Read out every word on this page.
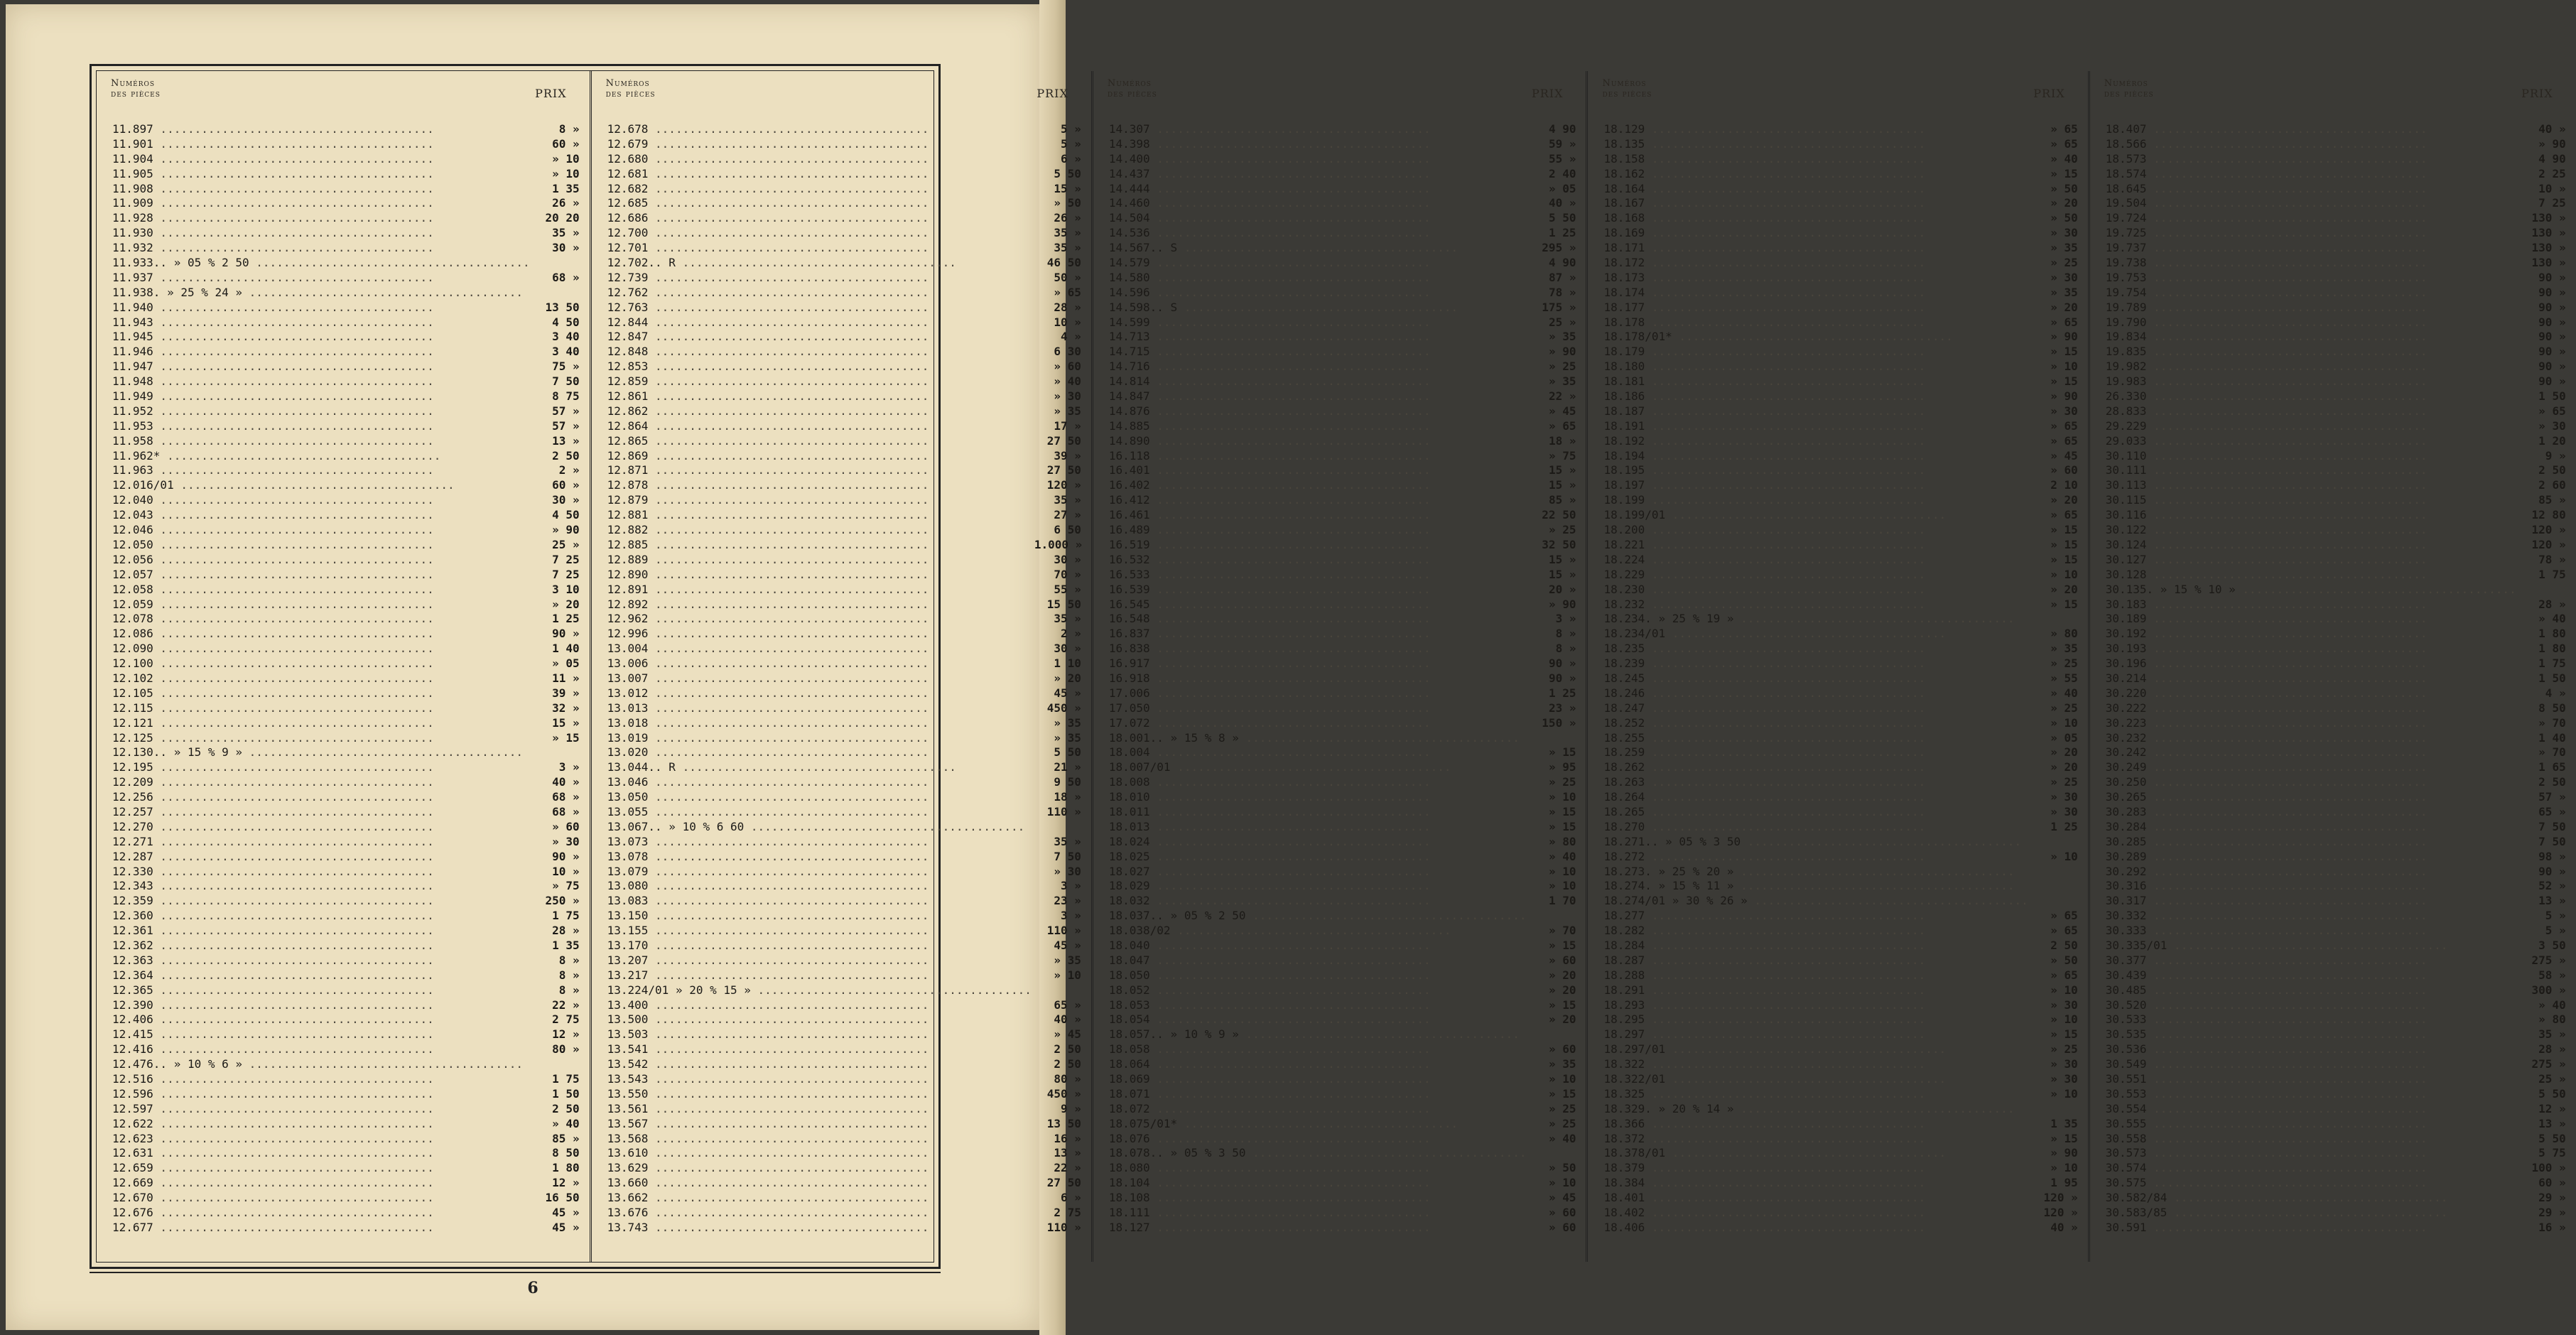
Numéros
des pièces	PRIX
11.897 .....	8 »
11.901 .....	60 »
11.904 .....	» 10
11.905 .....	» 10
11.908 .....	1 35
11.909 .....	26 »
11.928 .....	20 20
11.930 .....	35 »
11.932 .....	30 »
11.933.. » 05 % 2 50 .....
11.937 .....	68 »
11.938. » 25 % 24 » .....
11.940 .....	13 50
11.943 .....	4 50
11.945 .....	3 40
11.946 .....	3 40
11.947 .....	75 »
11.948 .....	7 50
11.949 .....	8 75
11.952 .....	57 »
11.953 .....	57 »
11.958 .....	13 »
11.962* .....	2 50
11.963 .....	2 »
12.016/01 .....	60 »
12.040 .....	30 »
12.043 .....	4 50
12.046 .....	» 90
12.050 .....	25 »
12.056 .....	7 25
12.057 .....	7 25
12.058 .....	3 10
12.059 .....	» 20
12.078 .....	1 25
12.086 .....	90 »
12.090 .....	1 40
12.100 .....	» 05
12.102 .....	11 »
12.105 .....	39 »
12.115 .....	32 »
12.121 .....	15 »
12.125 .....	» 15
12.130.. » 15 % 9 » .....
12.195 .....	3 »
12.209 .....	40 »
12.256 .....	68 »
12.257 .....	68 »
12.270 .....	» 60
12.271 .....	» 30
12.287 .....	90 »
12.330 .....	10 »
12.343 .....	» 75
12.359 .....	250 »
12.360 .....	1 75
12.361 .....	28 »
12.362 .....	1 35
12.363 .....	8 »
12.364 .....	8 »
12.365 .....	8 »
12.390 .....	22 »
12.406 .....	2 75
12.415 .....	12 »
12.416 .....	80 »
12.476.. » 10 % 6 » .....
12.516 .....	1 75
12.596 .....	1 50
12.597 .....	2 50
12.622 .....	» 40
12.623 .....	85 »
12.631 .....	8 50
12.659 .....	1 80
12.669 .....	12 »
12.670 .....	16 50
12.676 .....	45 »
12.677 .....	45 »
Numéros
des pièces	PRIX
12.678 .....	5 »
12.679 .....	5 »
12.680 .....	6 »
12.681 .....	5 50
12.682 .....	15 »
12.685 .....	» 50
12.686 .....	26 »
12.700 .....	35 »
12.701 .....	35 »
12.702.. R .....	46 50
12.739 .....	50 »
12.762 .....	» 65
12.763 .....	28 »
12.844 .....	10 »
12.847 .....	4 »
12.848 .....	6 30
12.853 .....	» 60
12.859 .....	» 40
12.861 .....	» 30
12.862 .....	» 35
12.864 .....	17 »
12.865 .....	27 50
12.869 .....	39 »
12.871 .....	27 50
12.878 .....	120 »
12.879 .....	35 »
12.881 .....	27 »
12.882 .....	6 50
12.885 .....	1.000 »
12.889 .....	30 »
12.890 .....	70 »
12.891 .....	55 »
12.892 .....	15 50
12.962 .....	35 »
12.996 .....	2 »
13.004 .....	30 »
13.006 .....	1 10
13.007 .....	» 20
13.012 .....	45 »
13.013 .....	450 »
13.018 .....	» 35
13.019 .....	» 35
13.020 .....	5 50
13.044.. R .....	21 »
13.046 .....	9 50
13.050 .....	18 »
13.055 .....	110 »
13.067.. » 10 % 6 60 .....
13.073 .....	35 »
13.078 .....	7 50
13.079 .....	» 30
13.080 .....	3 »
13.083 .....	23 »
13.150 .....	3 »
13.155 .....	110 »
13.170 .....	45 »
13.207 .....	» 35
13.217 .....	» 10
13.224/01 » 20 % 15 » .....
13.400 .....	65 »
13.500 .....	40 »
13.503 .....	» 45
13.541 .....	2 50
13.542 .....	2 50
13.543 .....	80 »
13.550 .....	450 »
13.561 .....	9 »
13.567 .....	13 50
13.568 .....	16 »
13.610 .....	13 »
13.629 .....	22 »
13.660 .....	27 50
13.662 .....	6 »
13.676 .....	2 75
13.743 .....	110 »
Numéros
des pièces	PRIX
14.307 .....	4 90
14.398 .....	59 »
14.400 .....	55 »
14.437 .....	2 40
14.444 .....	» 05
14.460 .....	40 »
14.504 .....	5 50
14.536 .....	1 25
14.567.. S .....	295 »
14.579 .....	4 90
14.580 .....	87 »
14.596 .....	78 »
14.598.. S .....	175 »
14.599 .....	25 »
14.713 .....	» 35
14.715 .....	» 90
14.716 .....	» 25
14.814 .....	» 35
14.847 .....	22 »
14.876 .....	» 45
14.885 .....	» 65
14.890 .....	18 »
16.118 .....	» 75
16.401 .....	15 »
16.402 .....	15 »
16.412 .....	85 »
16.461 .....	22 50
16.489 .....	» 25
16.519 .....	32 50
16.532 .....	15 »
16.533 .....	15 »
16.539 .....	20 »
16.545 .....	» 90
16.548 .....	3 »
16.837 .....	8 »
16.838 .....	8 »
16.917 .....	90 »
16.918 .....	90 »
17.006 .....	1 25
17.050 .....	23 »
17.072 .....	150 »
18.001.. » 15 % 8 » .....
18.004 .....	» 15
18.007/01 .....	» 95
18.008 .....	» 25
18.010 .....	» 10
18.011 .....	» 15
18.013 .....	» 15
18.024 .....	» 80
18.025 .....	» 40
18.027 .....	» 10
18.029 .....	» 10
18.032 .....	1 70
18.037.. » 05 % 2 50 .....
18.038/02 .....	» 70
18.040 .....	» 15
18.047 .....	» 60
18.050 .....	» 20
18.052 .....	» 20
18.053 .....	» 15
18.054 .....	» 20
18.057.. » 10 % 9 » .....
18.058 .....	» 60
18.064 .....	» 35
18.069 .....	» 10
18.071 .....	» 15
18.072 .....	» 25
18.075/01* .....	» 25
18.076 .....	» 40
18.078.. » 05 % 3 50 .....
18.080 .....	» 50
18.104 .....	» 10
18.108 .....	» 45
18.111 .....	» 60
18.127 .....	» 60
Numéros
des pièces	PRIX
18.129 .....	» 65
18.135 .....	» 65
18.158 .....	» 40
18.162 .....	» 15
18.164 .....	» 50
18.167 .....	» 20
18.168 .....	» 50
18.169 .....	» 30
18.171 .....	» 35
18.172 .....	» 25
18.173 .....	» 30
18.174 .....	» 35
18.177 .....	» 20
18.178 .....	» 65
18.178/01* .....	» 90
18.179 .....	» 15
18.180 .....	» 10
18.181 .....	» 15
18.186 .....	» 90
18.187 .....	» 30
18.191 .....	» 65
18.192 .....	» 65
18.194 .....	» 45
18.195 .....	» 60
18.197 .....	2 10
18.199 .....	» 20
18.199/01 .....	» 65
18.200 .....	» 15
18.221 .....	» 15
18.224 .....	» 15
18.229 .....	» 10
18.230 .....	» 20
18.232 .....	» 15
18.234. » 25 % 19 » .....
18.234/01 .....	» 80
18.235 .....	» 35
18.239 .....	» 25
18.245 .....	» 55
18.246 .....	» 40
18.247 .....	» 25
18.252 .....	» 10
18.255 .....	» 05
18.259 .....	» 20
18.262 .....	» 20
18.263 .....	» 25
18.264 .....	» 30
18.265 .....	» 30
18.270 .....	1 25
18.271.. » 05 % 3 50 .....
18.272 .....	» 10
18.273. » 25 % 20 » .....
18.274. » 15 % 11 » .....
18.274/01 » 30 % 26 » .....
18.277 .....	» 65
18.282 .....	» 65
18.284 .....	2 50
18.287 .....	» 50
18.288 .....	» 65
18.291 .....	» 10
18.293 .....	» 30
18.295 .....	» 10
18.297 .....	» 15
18.297/01 .....	» 25
18.322 .....	» 30
18.322/01 .....	» 30
18.325 .....	» 10
18.329. » 20 % 14 » .....
18.366 .....	1 35
18.372 .....	» 15
18.378/01 .....	» 90
18.379 .....	» 10
18.384 .....	1 95
18.401 .....	120 »
18.402 .....	120 »
18.406 .....	40 »
Numéros
des pièces	PRIX
18.407 .....	40 »
18.566 .....	» 90
18.573 .....	4 90
18.574 .....	2 25
18.645 .....	10 »
19.504 .....	7 25
19.724 .....	130 »
19.725 .....	130 »
19.737 .....	130 »
19.738 .....	130 »
19.753 .....	90 »
19.754 .....	90 »
19.789 .....	90 »
19.790 .....	90 »
19.834 .....	90 »
19.835 .....	90 »
19.982 .....	90 »
19.983 .....	90 »
26.330 .....	1 50
28.833 .....	» 65
29.229 .....	» 30
29.033 .....	1 20
30.110 .....	9 »
30.111 .....	2 50
30.113 .....	2 60
30.115 .....	85 »
30.116 .....	12 80
30.122 .....	120 »
30.124 .....	120 »
30.127 .....	78 »
30.128 .....	1 75
30.135. » 15 % 10 » .....
30.183 .....	28 »
30.189 .....	» 40
30.192 .....	1 80
30.193 .....	1 80
30.196 .....	1 75
30.214 .....	1 50
30.220 .....	4 »
30.222 .....	8 50
30.223 .....	» 70
30.232 .....	1 40
30.242 .....	» 70
30.249 .....	1 65
30.250 .....	2 50
30.265 .....	57 »
30.283 .....	65 »
30.284 .....	7 50
30.285 .....	7 50
30.289 .....	98 »
30.292 .....	90 »
30.316 .....	52 »
30.317 .....	13 »
30.332 .....	5 »
30.333 .....	5 »
30.335/01 .....	3 50
30.377 .....	275 »
30.439 .....	58 »
30.485 .....	300 »
30.520 .....	» 40
30.533 .....	» 80
30.535 .....	35 »
30.536 .....	28 »
30.549 .....	275 »
30.551 .....	25 »
30.553 .....	5 50
30.554 .....	12 »
30.555 .....	13 »
30.558 .....	5 50
30.573 .....	5 75
30.574 .....	100 »
30.575 .....	60 »
30.582/84 .....	29 »
30.583/85 .....	29 »
30.591 .....	16 »
6
